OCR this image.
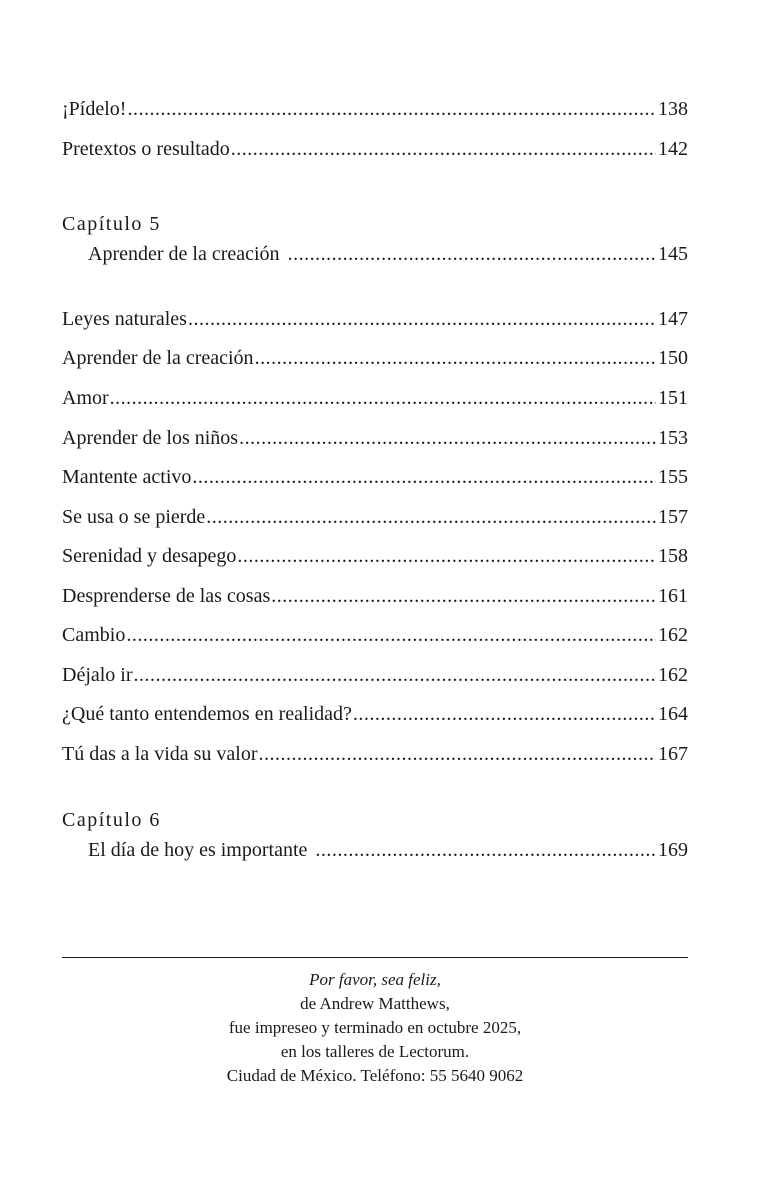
¡Pídelo! .....	138
Pretextos o resultado .....	142
Capítulo 5
Aprender de la creación .....	145
Leyes naturales .....	147
Aprender de la creación .....	150
Amor .....	151
Aprender de los niños .....	153
Mantente activo .....	155
Se usa o se pierde .....	157
Serenidad y desapego .....	158
Desprenderse de las cosas .....	161
Cambio .....	162
Déjalo ir .....	162
¿Qué tanto entendemos en realidad? .....	164
Tú das a la vida su valor .....	167
Capítulo 6
El día de hoy es importante .....	169
Por favor, sea feliz,
de Andrew Matthews,
fue impreseo y terminado en octubre 2025,
en los talleres de Lectorum.
Ciudad de México. Teléfono: 55 5640 9062
